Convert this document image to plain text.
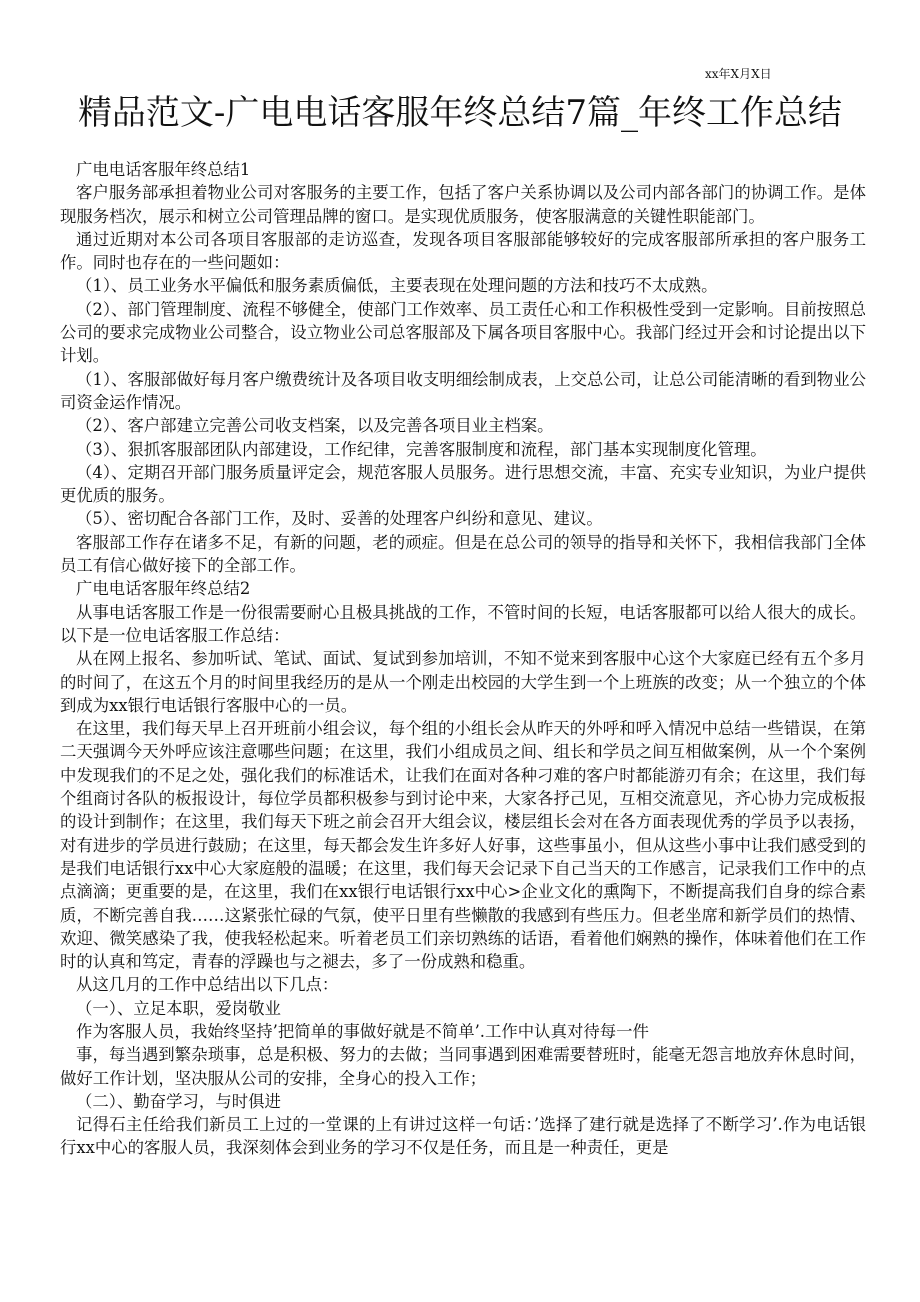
xx年X月X日
精品范文-广电电话客服年终总结7篇_年终工作总结

广电电话客服年终总结1

客户服务部承担着物业公司对客服务的主要工作，包括了客户关系协调以及公司内部各部门的协调工作。是体现服务档次，展示和树立公司管理品牌的窗口。是实现优质服务，使客服满意的关键性职能部门。

通过近期对本公司各项目客服部的走访巡查，发现各项目客服部能够较好的完成客服部所承担的客户服务工作。同时也存在的一些问题如：

（1）、员工业务水平偏低和服务素质偏低，主要表现在处理问题的方法和技巧不太成熟。

（2）、部门管理制度、流程不够健全，使部门工作效率、员工责任心和工作积极性受到一定影响。目前按照总公司的要求完成物业公司整合，设立物业公司总客服部及下属各项目客服中心。我部门经过开会和讨论提出以下计划。

（1）、客服部做好每月客户缴费统计及各项目收支明细绘制成表，上交总公司，让总公司能清晰的看到物业公司资金运作情况。

（2）、客户部建立完善公司收支档案，以及完善各项目业主档案。

（3）、狠抓客服部团队内部建设，工作纪律，完善客服制度和流程，部门基本实现制度化管理。

（4）、定期召开部门服务质量评定会，规范客服人员服务。进行思想交流，丰富、充实专业知识，为业户提供更优质的服务。

（5）、密切配合各部门工作，及时、妥善的处理客户纠纷和意见、建议。

客服部工作存在诸多不足，有新的问题，老的顽症。但是在总公司的领导的指导和关怀下，我相信我部门全体员工有信心做好接下的全部工作。

广电电话客服年终总结2

从事电话客服工作是一份很需要耐心且极具挑战的工作，不管时间的长短，电话客服都可以给人很大的成长。以下是一位电话客服工作总结：

从在网上报名、参加听试、笔试、面试、复试到参加培训，不知不觉来到客服中心这个大家庭已经有五个多月的时间了，在这五个月的时间里我经历的是从一个刚走出校园的大学生到一个上班族的改变；从一个独立的个体到成为xx银行电话银行客服中心的一员。

在这里，我们每天早上召开班前小组会议，每个组的小组长会从昨天的外呼和呼入情况中总结一些错误，在第二天强调今天外呼应该注意哪些问题；在这里，我们小组成员之间、组长和学员之间互相做案例，从一个个案例中发现我们的不足之处，强化我们的标准话术，让我们在面对各种刁难的客户时都能游刃有余；在这里，我们每个组商讨各队的板报设计，每位学员都积极参与到讨论中来，大家各抒己见，互相交流意见，齐心协力完成板报的设计到制作；在这里，我们每天下班之前会召开大组会议，楼层组长会对在各方面表现优秀的学员予以表扬，对有进步的学员进行鼓励；在这里，每天都会发生许多好人好事，这些事虽小，但从这些小事中让我们感受到的是我们电话银行xx中心大家庭般的温暖；在这里，我们每天会记录下自己当天的工作感言，记录我们工作中的点点滴滴；更重要的是，在这里，我们在xx银行电话银行xx中心>企业文化的熏陶下，不断提高我们自身的综合素质，不断完善自我……这紧张忙碌的气氛，使平日里有些懒散的我感到有些压力。但老坐席和新学员们的热情、欢迎、微笑感染了我，使我轻松起来。听着老员工们亲切熟练的话语，看着他们娴熟的操作，体味着他们在工作时的认真和笃定，青春的浮躁也与之褪去，多了一份成熟和稳重。

从这几月的工作中总结出以下几点：

（一）、立足本职，爱岗敬业

作为客服人员，我始终坚持’把简单的事做好就是不简单’.工作中认真对待每一件

事，每当遇到繁杂琐事，总是积极、努力的去做；当同事遇到困难需要替班时，能毫无怨言地放弃休息时间，做好工作计划，坚决服从公司的安排，全身心的投入工作；

（二）、勤奋学习，与时俱进

记得石主任给我们新员工上过的一堂课的上有讲过这样一句话：’选择了建行就是选择了不断学习’.作为电话银行xx中心的客服人员，我深刻体会到业务的学习不仅是任务，而且是一种责任，更是
